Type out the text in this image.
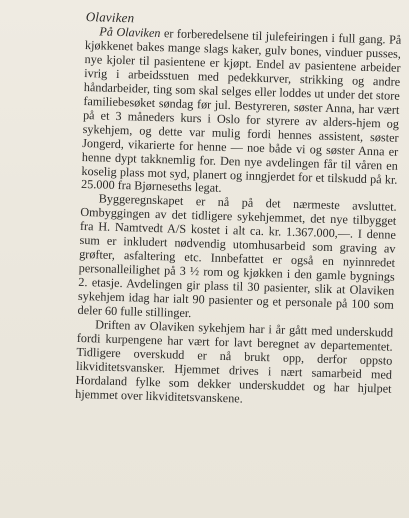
Olaviken

På Olaviken er forberedelsene til julefeiringen i full gang. På kjøkkenet bakes mange slags kaker, gulv bones, vinduer pusses, nye kjoler til pasientene er kjøpt. Endel av pasientene arbeider ivrig i arbeidsstuen med pedekkurver, strikking og andre håndarbeider, ting som skal selges eller loddes ut under det store familiebesøket søndag før jul. Bestyreren, søster Anna, har vært på et 3 måneders kurs i Oslo for styrere av alders-hjem og sykehjem, og dette var mulig fordi hennes assistent, søster Jongerd, vikarierte for henne — noe både vi og søster Anna er henne dypt takknemlig for. Den nye avdelingen får til våren en koselig plass mot syd, planert og inngjerdet for et tilskudd på kr. 25.000 fra Bjørneseths legat.

Byggeregnskapet er nå på det nærmeste avsluttet. Ombyggingen av det tidligere sykehjemmet, det nye tilbygget fra H. Namtvedt A/S kostet i alt ca. kr. 1.367.000,—. I denne sum er inkludert nødvendig utomhusarbeid som graving av grøfter, asfaltering etc. Innbefattet er også en nyinnredet personalleilighet på 3 ½ rom og kjøkken i den gamle bygnings 2. etasje. Avdelingen gir plass til 30 pasienter, slik at Olaviken sykehjem idag har ialt 90 pasienter og et personale på 100 som deler 60 fulle stillinger.

Driften av Olaviken sykehjem har i år gått med underskudd fordi kurpengene har vært for lavt beregnet av departementet. Tidligere overskudd er nå brukt opp, derfor oppsto likviditetsvansker. Hjemmet drives i nært samarbeid med Hordaland fylke som dekker underskuddet og har hjulpet hjemmet over likviditetsvanskene.
